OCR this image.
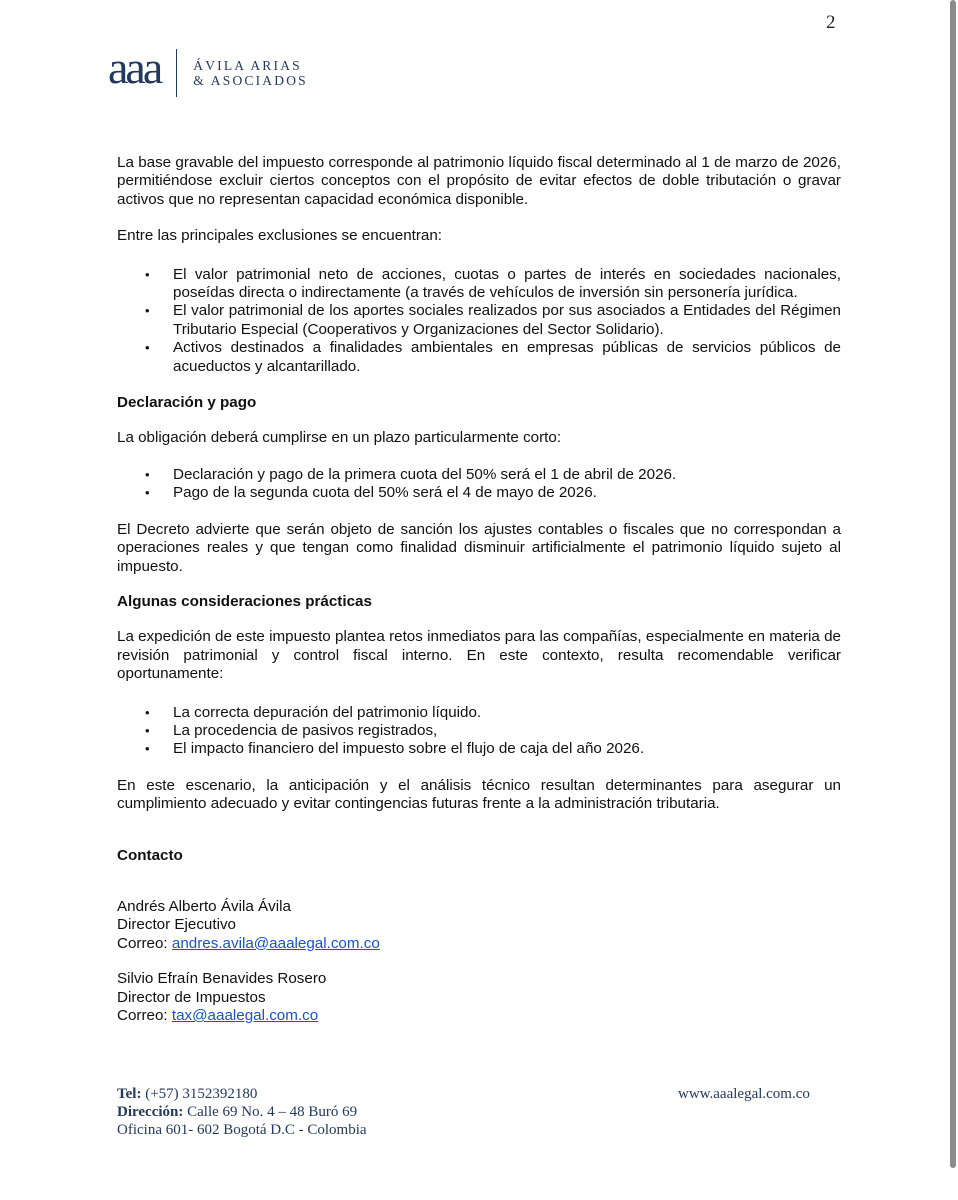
2
aaa ÁVILA ARIAS
& ASOCIADOS

La base gravable del impuesto corresponde al patrimonio líquido fiscal determinado al 1 de marzo de 2026, permitiéndose excluir ciertos conceptos con el propósito de evitar efectos de doble tributación o gravar activos que no representan capacidad económica disponible.

Entre las principales exclusiones se encuentran:

• El valor patrimonial neto de acciones, cuotas o partes de interés en sociedades nacionales, poseídas directa o indirectamente (a través de vehículos de inversión sin personería jurídica.
• El valor patrimonial de los aportes sociales realizados por sus asociados a Entidades del Régimen Tributario Especial (Cooperativos y Organizaciones del Sector Solidario).
• Activos destinados a finalidades ambientales en empresas públicas de servicios públicos de acueductos y alcantarillado.
Declaración y pago

La obligación deberá cumplirse en un plazo particularmente corto:

• Declaración y pago de la primera cuota del 50% será el 1 de abril de 2026.
• Pago de la segunda cuota del 50% será el 4 de mayo de 2026.

El Decreto advierte que serán objeto de sanción los ajustes contables o fiscales que no correspondan a operaciones reales y que tengan como finalidad disminuir artificialmente el patrimonio líquido sujeto al impuesto.

Algunas consideraciones prácticas

La expedición de este impuesto plantea retos inmediatos para las compañías, especialmente en materia de revisión patrimonial y control fiscal interno. En este contexto, resulta recomendable verificar oportunamente:

• La correcta depuración del patrimonio líquido.
• La procedencia de pasivos registrados,
• El impacto financiero del impuesto sobre el flujo de caja del año 2026.

En este escenario, la anticipación y el análisis técnico resultan determinantes para asegurar un cumplimiento adecuado y evitar contingencias futuras frente a la administración tributaria.

Contacto
Andrés Alberto Ávila Ávila
Director Ejecutivo
Correo: andres.avila@aaalegal.com.co
Silvio Efraín Benavides Rosero
Director de Impuestos
Correo: tax@aaalegal.com.co
Tel: (+57) 3152392180
Dirección: Calle 69 No. 4 – 48 Buró 69
Oficina 601- 602 Bogotá D.C - Colombia
www.aaalegal.com.co
